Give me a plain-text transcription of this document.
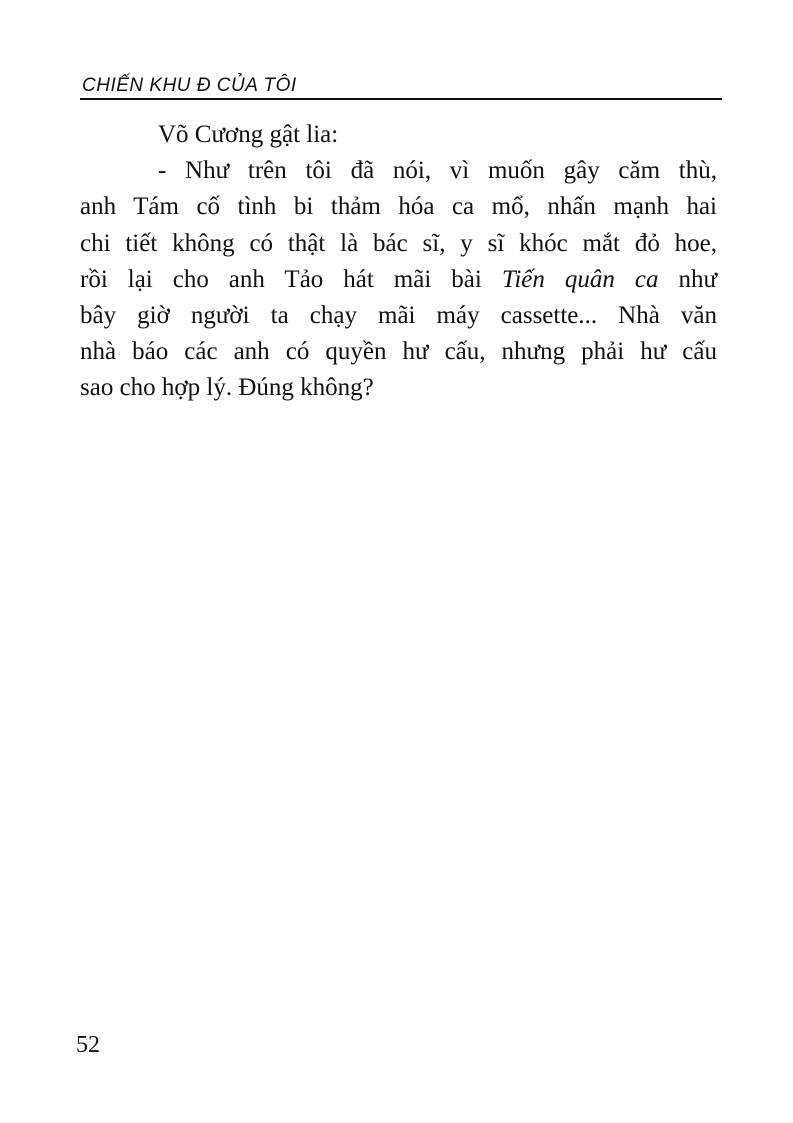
CHIẾN KHU Đ CỦA TÔI
Võ Cương gật lia:
- Như trên tôi đã nói, vì muốn gây căm thù,
anh Tám cố tình bi thảm hóa ca mổ, nhấn mạnh hai
chi tiết không có thật là bác sĩ, y sĩ khóc mắt đỏ hoe,
rồi lại cho anh Tảo hát mãi bài Tiến quân ca như
bây giờ người ta chạy mãi máy cassette... Nhà văn
nhà báo các anh có quyền hư cấu, nhưng phải hư cấu
sao cho hợp lý. Đúng không?
52
